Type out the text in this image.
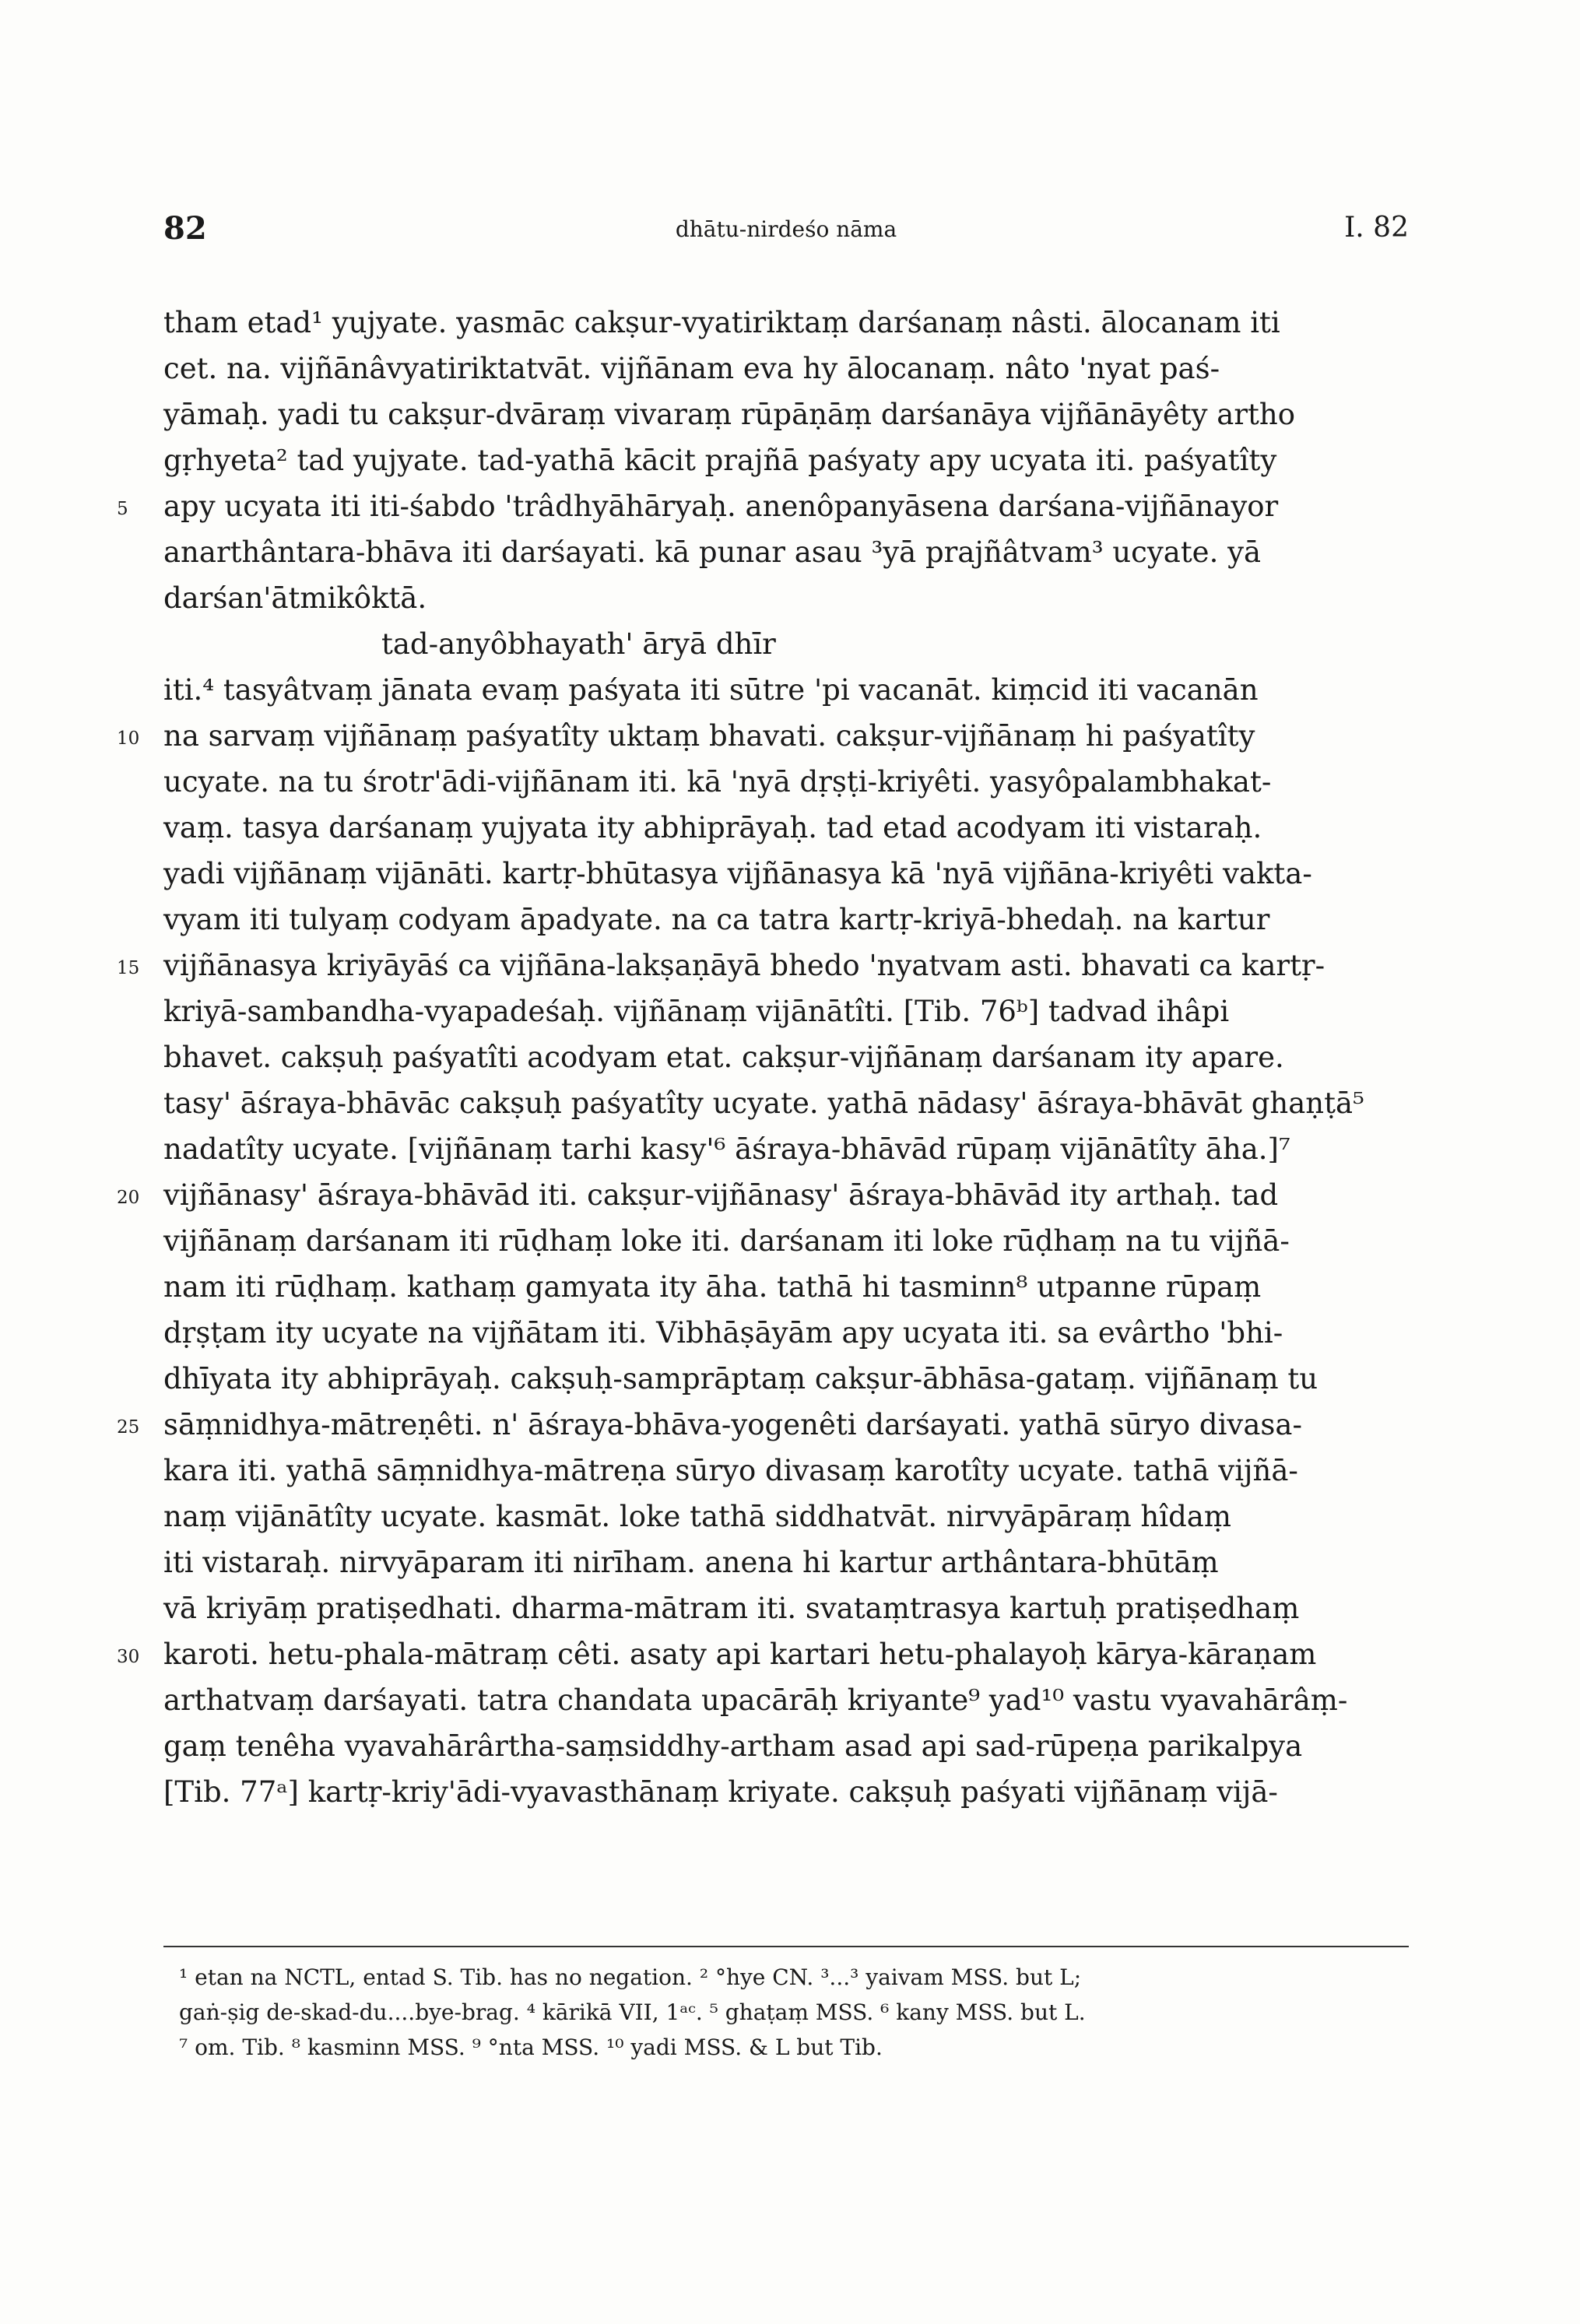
82	dhātu-nirdeśo nāma	I. 82
tham etad¹ yujyate. yasmāc cakṣur-vyatiriktaṃ darśanaṃ nâsti. ālocanam iti
cet. na. vijñānâvyatiriktatvāt. vijñānam eva hy ālocanaṃ. nâto 'nyat paś-
yāmaḥ. yadi tu cakṣur-dvāraṃ vivaraṃ rūpāṇāṃ darśanāya vijñānāyêty artho
gṛhyeta² tad yujyate. tad-yathā kācit prajñā paśyaty apy ucyata iti. paśyatîty
5	apy ucyata iti iti-śabdo 'trâdhyāhāryaḥ. anenôpanyāsena darśana-vijñānayor
anarthântara-bhāva iti darśayati. kā punar asau ³yā prajñâtvam³ ucyate. yā
darśan'ātmikôktā.
tad-anyôbhayath' āryā dhīr
iti.⁴ tasyâtvaṃ jānata evaṃ paśyata iti sūtre 'pi vacanāt. kiṃcid iti vacanān
10 na sarvaṃ vijñānaṃ paśyatîty uktaṃ bhavati. cakṣur-vijñānaṃ hi paśyatîty
ucyate. na tu śrotr'ādi-vijñānam iti. kā 'nyā dṛṣṭi-kriyêti. yasyôpalambhakat-
vaṃ. tasya darśanaṃ yujyata ity abhiprāyaḥ. tad etad acodyam iti vistaraḥ.
yadi vijñānaṃ vijānāti. kartṛ-bhūtasya vijñānasya kā 'nyā vijñāna-kriyêti vakta-
vyam iti tulyaṃ codyam āpadyate. na ca tatra kartṛ-kriyā-bhedaḥ. na kartur
15 vijñānasya kriyāyāś ca vijñāna-lakṣaṇāyā bhedo 'nyatvam asti. bhavati ca kartṛ-
kriyā-sambandha-vyapadeśaḥ. vijñānaṃ vijānātîti. [Tib. 76ᵇ] tadvad ihâpi
bhavet. cakṣuḥ paśyatîti acodyam etat. cakṣur-vijñānaṃ darśanam ity apare.
tasy' āśraya-bhāvāc cakṣuḥ paśyatîty ucyate. yathā nādasy' āśraya-bhāvāt ghaṇṭā⁵
nadatîty ucyate. [vijñānaṃ tarhi kasy'⁶ āśraya-bhāvād rūpaṃ vijānātîty āha.]⁷
20 vijñānasy' āśraya-bhāvād iti. cakṣur-vijñānasy' āśraya-bhāvād ity arthaḥ. tad
vijñānaṃ darśanam iti rūḍhaṃ loke iti. darśanam iti loke rūḍhaṃ na tu vijñā-
nam iti rūḍhaṃ. kathaṃ gamyata ity āha. tathā hi tasminn⁸ utpanne rūpaṃ
dṛṣṭam ity ucyate na vijñātam iti. Vibhāṣāyām apy ucyata iti. sa evârtho 'bhi-
dhīyata ity abhiprāyaḥ. cakṣuḥ-samprāptaṃ cakṣur-ābhāsa-gataṃ. vijñānaṃ tu
25 sāṃnidhya-mātreṇêti. n' āśraya-bhāva-yogenêti darśayati. yathā sūryo divasa-
kara iti. yathā sāṃnidhya-mātreṇa sūryo divasaṃ karotîty ucyate. tathā vijñā-
naṃ vijānātîty ucyate. kasmāt. loke tathā siddhatvāt. nirvyāpāraṃ hîdaṃ
iti vistaraḥ. nirvyāparam iti nirīham. anena hi kartur arthântara-bhūtāṃ
vā kriyāṃ pratiṣedhati. dharma-mātram iti. svataṃtrasya kartuḥ pratiṣedhaṃ
30 karoti. hetu-phala-mātraṃ cêti. asaty api kartari hetu-phalayoḥ kārya-kāraṇam
arthatvaṃ darśayati. tatra chandata upacārāḥ kriyante⁹ yad¹⁰ vastu vyavahārâṃ-
gaṃ tenêha vyavahārârtha-saṃsiddhy-artham asad api sad-rūpeṇa parikalpya
[Tib. 77ᵃ] kartṛ-kriy'ādi-vyavasthānaṃ kriyate. cakṣuḥ paśyati vijñānaṃ vijā-
¹ etan na NCTL, entad S. Tib. has no negation. ² °hye CN. ³...³ yaivam MSS. but L;
gaṅ-ṣig de-skad-du....bye-brag. ⁴ kārikā VII, 1ᵃᶜ. ⁵ ghaṭaṃ MSS. ⁶ kany MSS. but L.
⁷ om. Tib. ⁸ kasminn MSS. ⁹ °nta MSS. ¹⁰ yadi MSS. & L but Tib.
